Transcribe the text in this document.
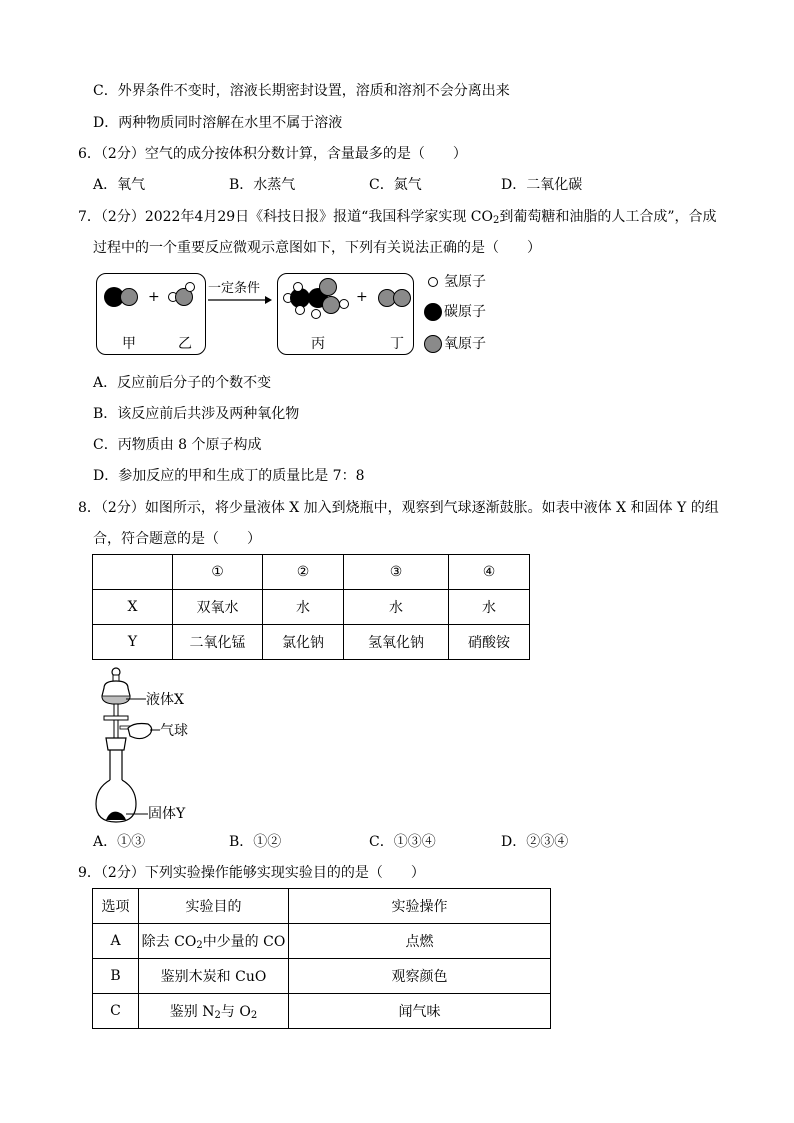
C．外界条件不变时，溶液长期密封设置，溶质和溶剂不会分离出来
D．两种物质同时溶解在水里不属于溶液
6．（2分）空气的成分按体积分数计算，含量最多的是（　　）
A．氧气	B．水蒸气	C．氮气	D．二氧化碳
7．（2分）2022年4月29日《科技日报》报道“我国科学家实现 $CO_2$到葡萄糖和油脂的人工合成”，合成
过程中的一个重要反应微观示意图如下，下列有关说法正确的是（　　）
+
甲	乙
一定条件
+
丙	丁
氢原子
碳原子
氧原子
A．反应前后分子的个数不变
B．该反应前后共涉及两种氧化物
C．丙物质由 8 个原子构成
D．参加反应的甲和生成丁的质量比是 7：8
8．（2分）如图所示，将少量液体 X 加入到烧瓶中，观察到气球逐渐鼓胀。如表中液体 X 和固体 Y 的组
合，符合题意的是（　　）
	①	②	③	④
X	双氧水	水	水	水
Y	二氧化锰	氯化钠	氢氧化钠	硝酸铵
液体X
气球
固体Y
A．①③	B．①②	C．①③④	D．②③④
9．（2分）下列实验操作能够实现实验目的的是（　　）
选项	实验目的	实验操作
A	除去 $CO_2$中少量的 CO	点燃
B	鉴别木炭和 CuO	观察颜色
C	鉴别 $N_2$与 $O_2$	闻气味
